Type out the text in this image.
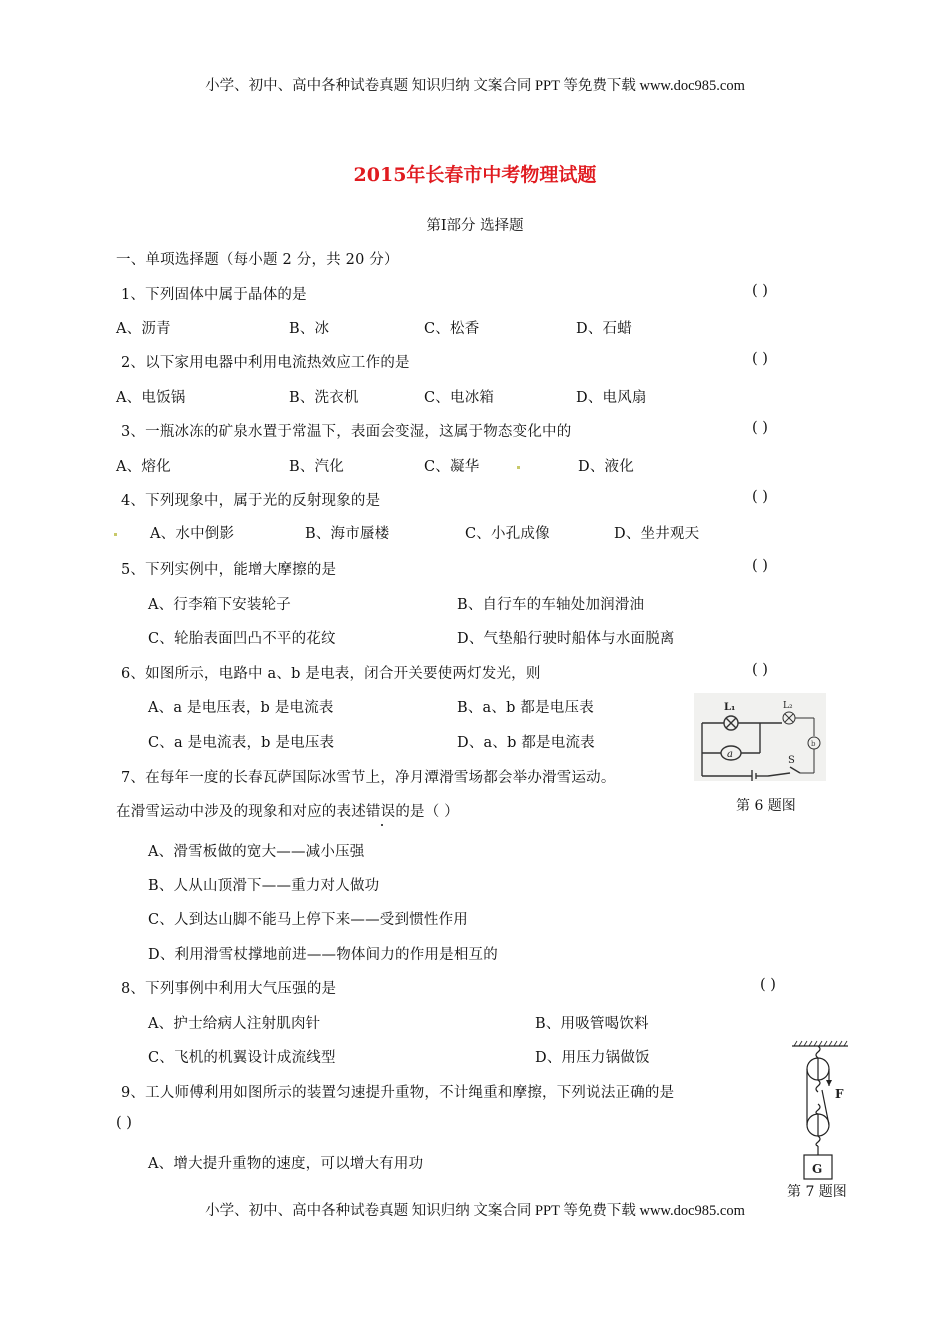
小学、初中、高中各种试卷真题 知识归纳 文案合同 PPT 等免费下载 www.doc985.com
2015年长春市中考物理试题
第Ⅰ部分 选择题
一、单项选择题（每小题 2 分，共 20 分）
1、下列固体中属于晶体的是	( )
A、沥青	B、冰	C、松香	D、石蜡
2、以下家用电器中利用电流热效应工作的是	( )
A、电饭锅	B、洗衣机	C、电冰箱	D、电风扇
3、一瓶冰冻的矿泉水置于常温下，表面会变湿，这属于物态变化中的	( )
A、熔化	B、汽化	C、凝华	D、液化
4、下列现象中，属于光的反射现象的是	( )
A、水中倒影	B、海市蜃楼	C、小孔成像	D、坐井观天
5、下列实例中，能增大摩擦的是	( )
A、行李箱下安装轮子	B、自行车的车轴处加润滑油
C、轮胎表面凹凸不平的花纹	D、气垫船行驶时船体与水面脱离
6、如图所示，电路中 a、b 是电表，闭合开关要使两灯发光，则	( )
A、a 是电压表，b 是电流表	B、a、b 都是电压表
C、a 是电流表，b 是电压表	D、a、b 都是电流表
L₁	L₂
a
b
S
第 6 题图
7、在每年一度的长春瓦萨国际冰雪节上，净月潭滑雪场都会举办滑雪运动。
在滑雪运动中涉及的现象和对应的表述错误的是（ ）
A、滑雪板做的宽大——减小压强
B、人从山顶滑下——重力对人做功
C、人到达山脚不能马上停下来——受到惯性作用
D、利用滑雪杖撑地前进——物体间力的作用是相互的
8、下列事例中利用大气压强的是	( )
A、护士给病人注射肌肉针	B、用吸管喝饮料
C、飞机的机翼设计成流线型	D、用压力锅做饭
9、工人师傅利用如图所示的装置匀速提升重物，不计绳重和摩擦，下列说法正确的是
( )
A、增大提升重物的速度，可以增大有用功
F
G
第 7 题图
小学、初中、高中各种试卷真题 知识归纳 文案合同 PPT 等免费下载 www.doc985.com
